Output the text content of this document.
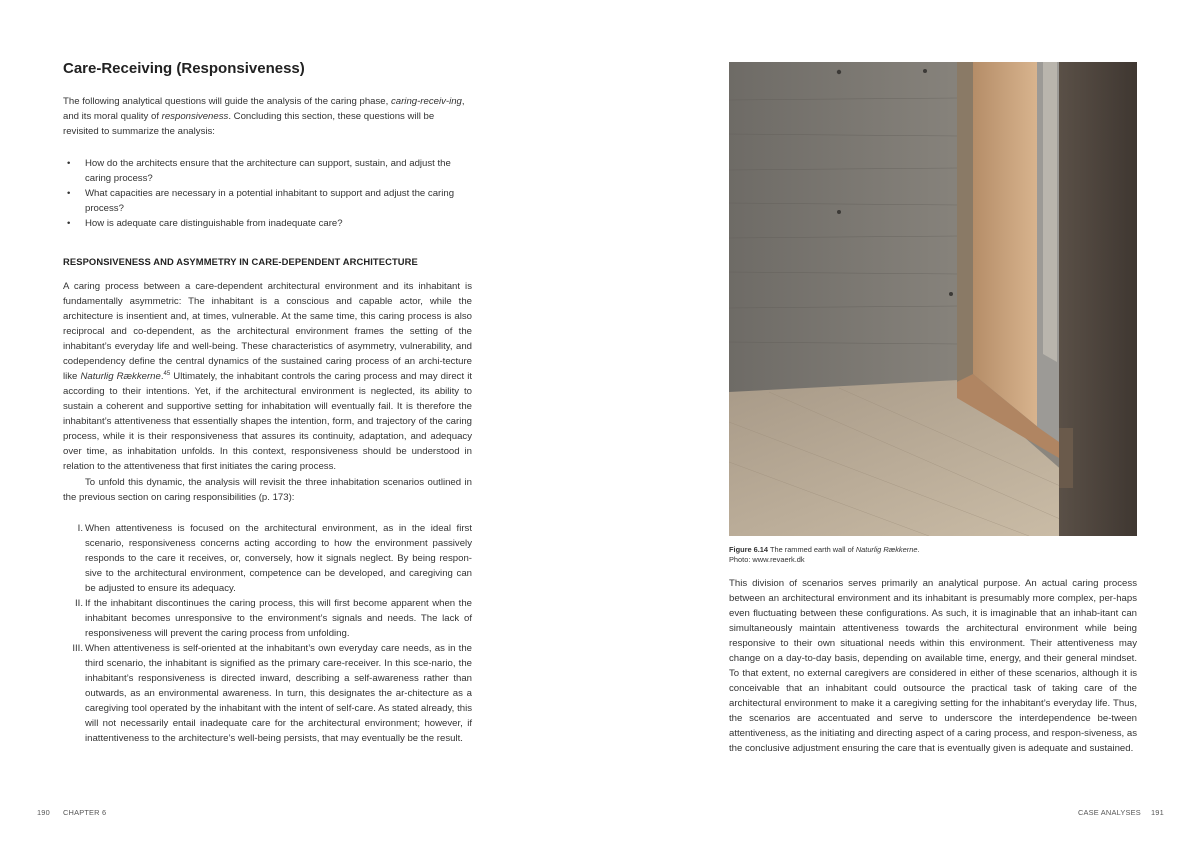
Care-Receiving (Responsiveness)

The following analytical questions will guide the analysis of the caring phase, caring-receiv-ing, and its moral quality of responsiveness. Concluding this section, these questions will be revisited to summarize the analysis:

• How do the architects ensure that the architecture can support, sustain, and adjust the caring process?
• What capacities are necessary in a potential inhabitant to support and adjust the caring process?
• How is adequate care distinguishable from inadequate care?
RESPONSIVENESS AND ASYMMETRY IN CARE-DEPENDENT ARCHITECTURE

A caring process between a care-dependent architectural environment and its inhabitant is fundamentally asymmetric: The inhabitant is a conscious and capable actor, while the architecture is insentient and, at times, vulnerable. At the same time, this caring process is also reciprocal and co-dependent, as the architectural environment frames the setting of the inhabitant’s everyday life and well-being. These characteristics of asymmetry, vulnerability, and codependency define the central dynamics of the sustained caring process of an archi-tecture like Naturlig Rækkerne.$^{45}$ Ultimately, the inhabitant controls the caring process and may direct it according to their intentions. Yet, if the architectural environment is neglected, its ability to sustain a coherent and supportive setting for inhabitation will eventually fail. It is therefore the inhabitant’s attentiveness that essentially shapes the intention, form, and trajectory of the caring process, while it is their responsiveness that assures its continuity, adaptation, and adequacy over time, as inhabitation unfolds. In this context, responsiveness should be understood in relation to the attentiveness that first initiates the caring process.

To unfold this dynamic, the analysis will revisit the three inhabitation scenarios outlined in the previous section on caring responsibilities (p. 173):

I. When attentiveness is focused on the architectural environment, as in the ideal first scenario, responsiveness concerns acting according to how the environment passively responds to the care it receives, or, conversely, how it signals neglect. By being respon-sive to the architectural environment, competence can be developed, and caregiving can be adjusted to ensure its adequacy.
II. If the inhabitant discontinues the caring process, this will first become apparent when the inhabitant becomes unresponsive to the environment’s signals and needs. The lack of responsiveness will prevent the caring process from unfolding.
III. When attentiveness is self-oriented at the inhabitant’s own everyday care needs, as in the third scenario, the inhabitant is signified as the primary care-receiver. In this sce-nario, the inhabitant’s responsiveness is directed inward, describing a self-awareness rather than outwards, as an environmental awareness. In turn, this designates the ar-chitecture as a caregiving tool operated by the inhabitant with the intent of self-care. As stated already, this will not necessarily entail inadequate care for the architectural environment; however, if inattentiveness to the architecture’s well-being persists, that may eventually be the result.
190 CHAPTER 6

Figure 6.14 The rammed earth wall of Naturlig Rækkerne.
Photo: www.revaerk.dk

This division of scenarios serves primarily an analytical purpose. An actual caring process between an architectural environment and its inhabitant is presumably more complex, per-haps even fluctuating between these configurations. As such, it is imaginable that an inhab-itant can simultaneously maintain attentiveness towards the architectural environment while being responsive to their own situational needs within this environment. Their attentiveness may change on a day-to-day basis, depending on available time, energy, and their general mindset. To that extent, no external caregivers are considered in either of these scenarios, although it is conceivable that an inhabitant could outsource the practical task of taking care of the architectural environment to make it a caregiving setting for the inhabitant’s everyday life. Thus, the scenarios are accentuated and serve to underscore the interdependence be-tween attentiveness, as the initiating and directing aspect of a caring process, and respon-siveness, as the conclusive adjustment ensuring the care that is eventually given is adequate and sustained.

CASE ANALYSES 191
